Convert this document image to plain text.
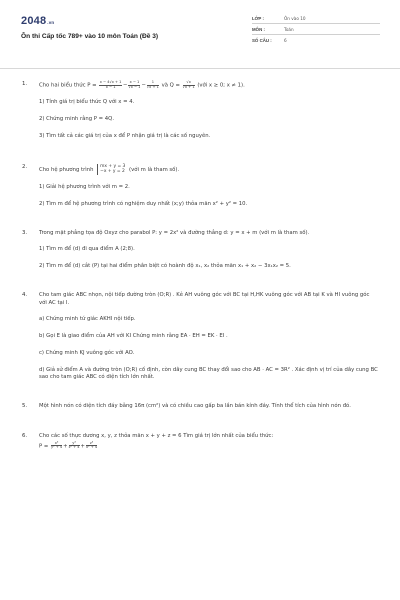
2048.vn
Ôn thi Cấp tốc 789+ vào 10 môn Toán (Đề 3)
LỚP :	Ôn vào 10
MÔN :	Toán
SỐ CÂU :	6
1. Cho hai biểu thức $P = \frac{x - 4√x + 1}{x - 1} - \frac{x - 1}{√x - 1} - \frac{1}{√x + 1}$ và $Q = \frac{√x}{√x + 1}$ (với x ≥ 0; x ≠ 1).
1) Tính giá trị biểu thức Q với x = 4.
2) Chứng minh rằng P = 4Q.
3) Tìm tất cả các giá trị của x để P nhận giá trị là các số nguyên.
2. Cho hệ phương trình
mx + y = 3
−x + y = 2 (với m là tham số).
1) Giải hệ phương trình với m = 2.
2) Tìm m để hệ phương trình có nghiệm duy nhất (x;y) thỏa mãn x² + y² = 10.
3. Trong mặt phẳng tọa độ Oxyz cho parabol P: y = 2x² và đường thẳng d: y = x + m (với m là tham số).
1) Tìm m để (d) đi qua điểm A (2;8).
2) Tìm m để (d) cắt (P) tại hai điểm phân biệt có hoành độ x₁, x₂ thỏa mãn x₁ + x₂ − 3x₁x₂ = 5.
4. Cho tam giác ABC nhọn, nội tiếp đường tròn (O;R) . Kẻ AH vuông góc với BC tại H,HK vuông góc với AB tại K và HI vuông góc với AC tại I.
a) Chứng minh tứ giác AKHI nội tiếp.
b) Gọi E là giao điểm của AH với KI Chứng minh rằng EA · EH = EK · EI .
c) Chứng minh KJ vuông góc với AO.
d) Giả sử điểm A và đường tròn (O;R) cố định, còn dây cung BC thay đổi sao cho AB · AC = 3R² . Xác định vị trí của dây cung BC sao cho tam giác ABC có diện tích lớn nhất.
5. Một hình nón có diện tích đáy bằng 16π (cm²) và có chiều cao gấp ba lần bán kính đáy. Tính thể tích của hình nón đó.
6. Cho các số thực dương x, y, z thỏa mãn x + y + z = 6 Tìm giá trị lớn nhất của biểu thức:
$P = \frac{\text{x³}}{\text{y² + 4}} + \frac{\text{y³}}{\text{z² + 4}} + \frac{\text{z³}}{\text{x² + 4}}$
